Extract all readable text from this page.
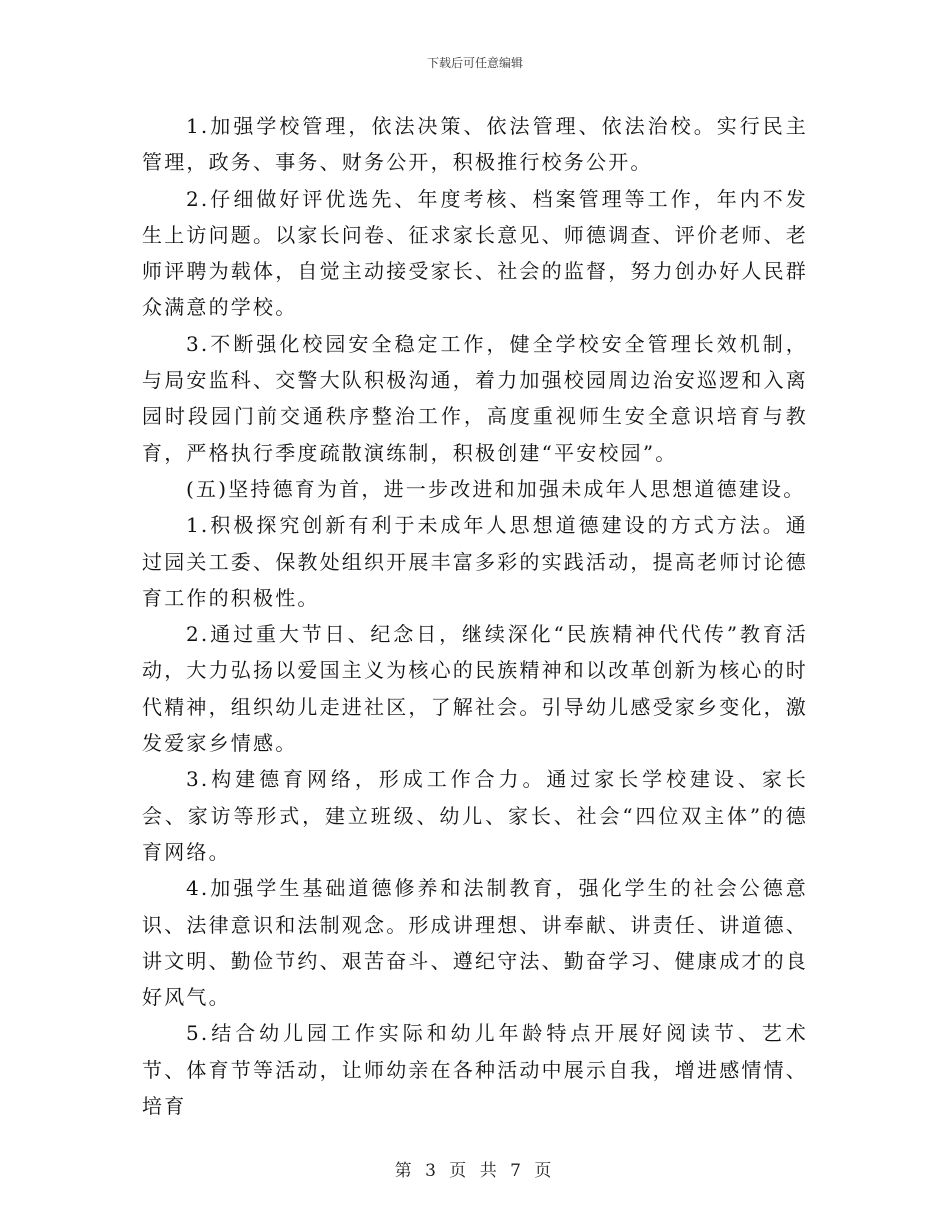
下载后可任意编辑

1.加强学校管理，依法决策、依法管理、依法治校。实行民主管理，政务、事务、财务公开，积极推行校务公开。

2.仔细做好评优选先、年度考核、档案管理等工作，年内不发生上访问题。以家长问卷、征求家长意见、师德调查、评价老师、老师评聘为载体，自觉主动接受家长、社会的监督，努力创办好人民群众满意的学校。

3.不断强化校园安全稳定工作，健全学校安全管理长效机制，与局安监科、交警大队积极沟通，着力加强校园周边治安巡逻和入离园时段园门前交通秩序整治工作，高度重视师生安全意识培育与教育，严格执行季度疏散演练制，积极创建“平安校园”。

(五)坚持德育为首，进一步改进和加强未成年人思想道德建设。

1.积极探究创新有利于未成年人思想道德建设的方式方法。通过园关工委、保教处组织开展丰富多彩的实践活动，提高老师讨论德育工作的积极性。

2.通过重大节日、纪念日，继续深化“民族精神代代传”教育活动，大力弘扬以爱国主义为核心的民族精神和以改革创新为核心的时代精神，组织幼儿走进社区，了解社会。引导幼儿感受家乡变化，激发爱家乡情感。

3.构建德育网络，形成工作合力。通过家长学校建设、家长会、家访等形式，建立班级、幼儿、家长、社会“四位双主体”的德育网络。

4.加强学生基础道德修养和法制教育，强化学生的社会公德意识、法律意识和法制观念。形成讲理想、讲奉献、讲责任、讲道德、讲文明、勤俭节约、艰苦奋斗、遵纪守法、勤奋学习、健康成才的良好风气。

5.结合幼儿园工作实际和幼儿年龄特点开展好阅读节、艺术节、体育节等活动，让师幼亲在各种活动中展示自我，增进感情情、培育

第 3 页 共 7 页
